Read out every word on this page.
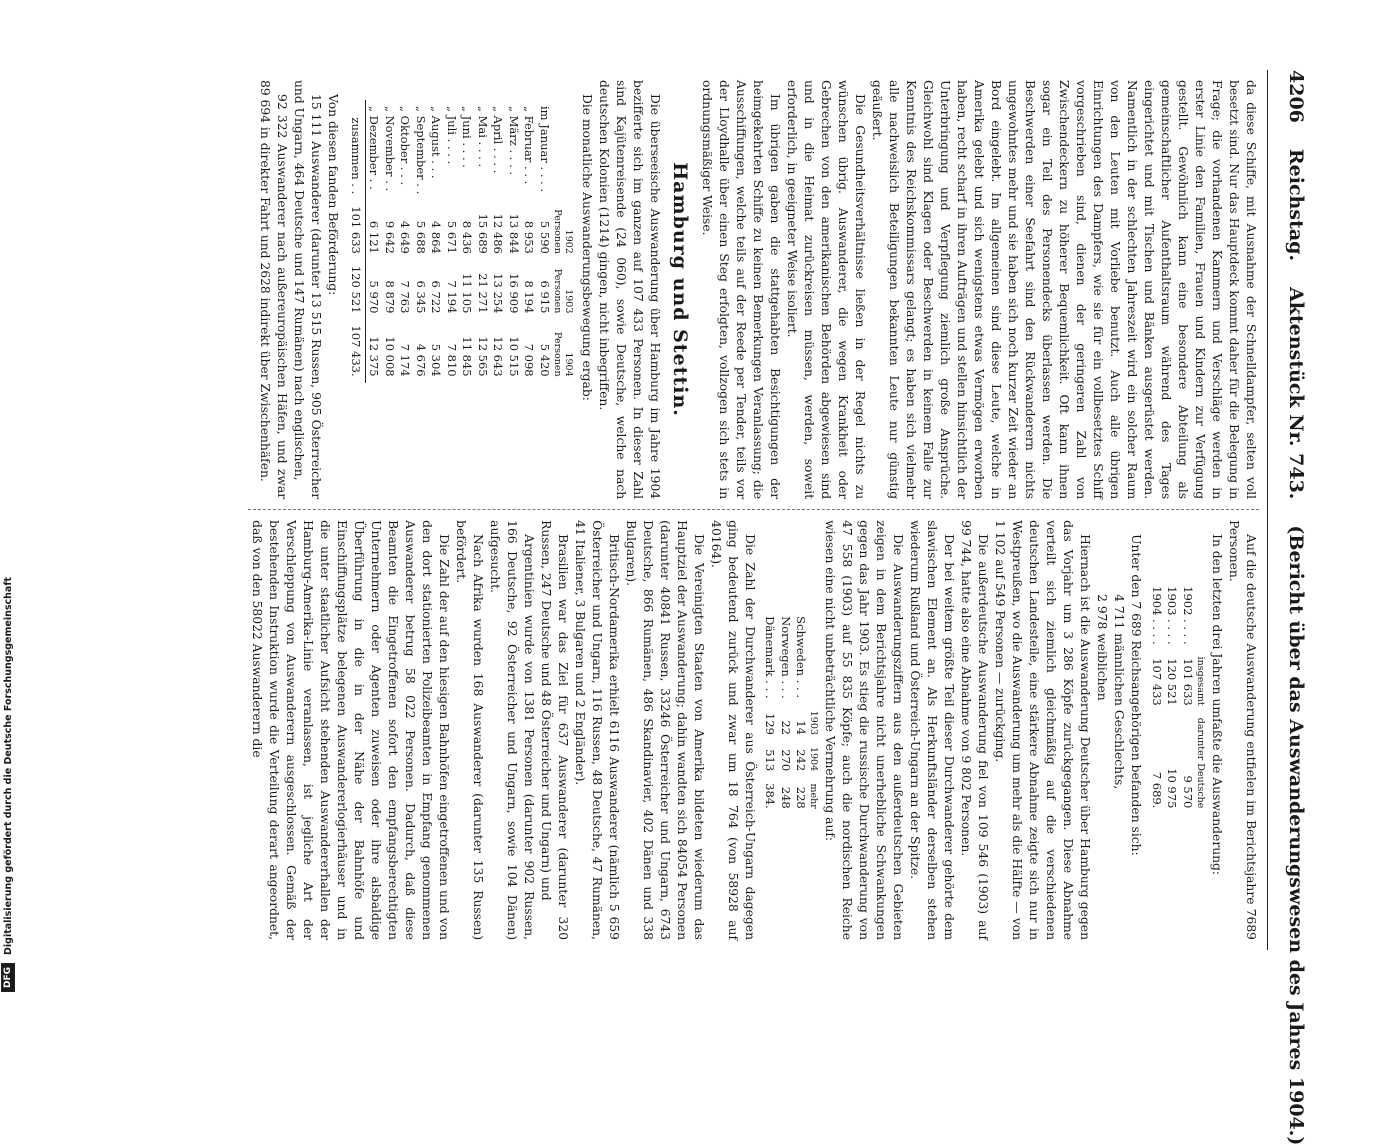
4206
Reichstag.
Aktenstück Nr. 743.
(Bericht über das Auswanderungswesen des Jahres 1904.)

da diese Schiffe, mit Ausnahme der Schnelldampfer, selten voll besetzt sind. Nur das Hauptdeck kommt daher für die Belegung in Frage; die vorhandenen Kammern und Verschläge werden in erster Linie den Familien, Frauen und Kindern zur Verfügung gestellt. Gewöhnlich kann eine besondere Abteilung als gemeinschaftlicher Aufenthaltsraum während des Tages eingerichtet und mit Tischen und Bänken ausgerüstet werden. Namentlich in der schlechten Jahreszeit wird ein solcher Raum von den Leuten mit Vorliebe benutzt. Auch alle übrigen Einrichtungen des Dampfers, wie sie für ein vollbesetztes Schiff vorgeschrieben sind, dienen der geringeren Zahl von Zwischendeckern zu höherer Bequemlichkeit. Oft kann ihnen sogar ein Teil des Personendecks überlassen werden. Die Beschwerden einer Seefahrt sind den Rückwanderern nichts ungewohntes mehr und sie haben sich noch kurzer Zeit wieder an Bord eingelebt. Im allgemeinen sind diese Leute, welche in Amerika gelebt und sich wenigstens etwas Vermögen erworben haben, recht scharf in ihren Aufträgen und stellen hinsichtlich der Unterbringung und Verpflegung ziemlich große Ansprüche. Gleichwohl sind Klagen oder Beschwerden in keinem Falle zur Kenntnis des Reichskommissars gelangt; es haben sich vielmehr alle nachweislich Beteiligungen bekannten Leute nur günstig geäußert.

Die Gesundheitsverhältnisse ließen in der Regel nichts zu wünschen übrig. Auswanderer, die wegen Krankheit oder Gebrechen von den amerikanischen Behörden abgewiesen sind und in die Heimat zurückreisen müssen, werden, soweit erforderlich, in geeigneter Weise isoliert.

Im übrigen gaben die stattgehabten Besichtigungen der heimgekehrten Schiffe zu keinen Bemerkungen Veranlassung; die Ausschiffungen, welche teils auf der Reede per Tender, teils vor der Lloydhalle über einen Steg erfolgten, vollzogen sich stets in ordnungsmäßiger Weise.

Hamburg und Stettin.

Die überseeische Auswanderung über Hamburg im Jahre 1904 bezifferte sich im ganzen auf 107 433 Personen. In dieser Zahl sind Kajütenreisende (24 060), sowie Deutsche, welche nach deutschen Kolonien (1214) gingen, nicht inbegriffen.

Die monatliche Auswanderungsbewegung ergab:

	1902
Personen	1903
Personen	1904
Personen
im Januar . . . .	5 590	6 915	5 420
„ Februar . . .	8 953	8 194	7 098
„ März . . . .	13 844	16 909	10 515
„ April . . . .	12 486	13 254	12 643
„ Mai . . . .	15 689	21 271	12 565
„ Juni . . . .	8 436	11 105	11 845
„ Juli . . . .	5 671	7 194	7 810
„ August . . .	4 864	6 722	5 304
„ September . .	5 688	6 345	4 676
„ Oktober . . .	4 649	7 763	7 174
„ November . .	9 642	8 879	10 008
„ Dezember . .	6 121	5 970	12 375
zusammen . .	101 633	120 521	107 433.

Von diesen fanden Beförderung:

15 111 Auswanderer (darunter 13 515 Russen, 905 Österreicher und Ungarn, 464 Deutsche und 147 Rumänen) nach englischen,

92 322 Auswanderer nach außereuropäischen Häfen, und zwar 89 694 in direkter Fahrt und 2628 indirekt über Zwischenhäfen.

Auf die deutsche Auswanderung entfielen im Berichtsjahre 7689 Personen.

In den letzten drei Jahren umfaßte die Auswanderung:

	insgesamt	darunter Deutsche
1902 . . . .	101 633	9 570
1903 . . . .	120 521	10 975
1904 . . . .	107 433	7 689.

Unter den 7 689 Reichsangehörigen befanden sich:

4 711 männlichen Geschlechts,

2 978 weiblichen

Hiernach ist die Auswanderung Deutscher über Hamburg gegen das Vorjahr um 3 286 Köpfe zurückgegangen. Diese Abnahme verteilt sich ziemlich gleichmäßig auf die verschiedenen deutschen Landesteile, eine stärkere Abnahme zeigte sich nur in Westpreußen, wo die Auswanderung um mehr als die Hälfte — von 1 102 auf 549 Personen — zurückging.

Die außerdeutsche Auswanderung fiel von 109 546 (1903) auf 99 744, hatte also eine Abnahme von 9 802 Personen.

Der bei weitem größte Teil dieser Durchwanderer gehörte dem slawischen Element an. Als Herkunftsländer derselben stehen wiederum Rußland und Österreich-Ungarn an der Spitze.

Die Auswanderungsziffern aus den außerdeutschen Gebieten zeigen in dem Berichtsjahre nicht unerhebliche Schwankungen gegen das Jahr 1903. Es stieg die russische Durchwanderung von 47 558 (1903) auf 55 835 Köpfe; auch die nordischen Reiche wiesen eine nicht unbeträchtliche Vermehrung auf:

	1903	1904	mehr
Schweden . . .	14	242	228
Norwegen . . .	22	270	248
Dänemark . . .	129	513	384.

Die Zahl der Durchwanderer aus Österreich-Ungarn dagegen ging bedeutend zurück und zwar um 18 764 (von 58928 auf 40164).

Die Vereinigten Staaten von Amerika bildeten wiederum das Hauptziel der Auswanderung; dahin wandten sich 84054 Personen (darunter 40841 Russen, 33246 Österreicher und Ungarn, 6743 Deutsche, 866 Rumänen, 486 Skandinavier, 402 Dänen und 338 Bulgaren).

Britisch-Nordamerika erhielt 6116 Auswanderer (nämlich 5 659 Österreicher und Ungarn, 116 Russen, 48 Deutsche, 47 Rumänen, 41 Italiener, 3 Bulgaren und 2 Engländer).

Brasilien war das Ziel für 637 Auswanderer (darunter 320 Russen, 247 Deutsche und 48 Österreicher und Ungarn) und

Argentinien wurde von 1381 Personen (darunter 902 Russen, 166 Deutsche, 92 Österreicher und Ungarn, sowie 104 Dänen) aufgesucht.

Nach Afrika wurden 168 Auswanderer (darunter 135 Russen) befördert.

Die Zahl der auf den hiesigen Bahnhöfen eingetroffenen und von den dort stationierten Polizeibeamten in Empfang genommenen Auswanderer betrug 58 022 Personen. Dadurch, daß diese Beamten die Eingetroffenen sofort den empfangsberechtigten Unternehmern oder Agenten zuweisen oder ihre alsbaldige Überführung in die in der Nähe der Bahnhöfe und Einschiffungsplätze belegenen Auswandererlogierhäuser und in die unter staatlicher Aufsicht stehenden Auswandererhallen der Hamburg-Amerika-Linie veranlassen, ist jegliche Art der Verschleppung von Auswanderern ausgeschlossen. Gemäß der bestehenden Instruktion wurde die Verteilung derart angeordnet, daß von den 58022 Auswanderern die

DFG
Digitalisierung gefördert durch die Deutsche Forschungsgemeinschaft
